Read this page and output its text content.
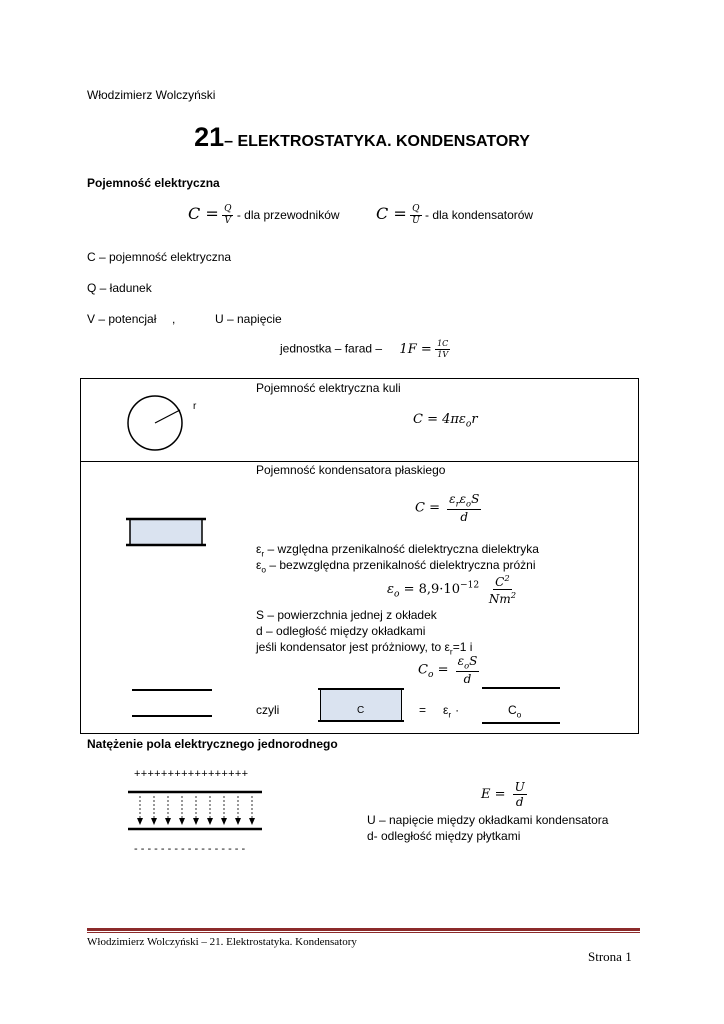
Włodzimierz Wolczyński
21– ELEKTROSTATYKA. KONDENSATORY
Pojemność elektryczna
$C = \frac{Q}{V}$ - dla przewodników $C = \frac{Q}{U}$ - dla kondensatorów
C – pojemność elektryczna
Q – ładunek
V – potencjał ,	U – napięcie
jednostka – farad – $1F = \frac{1C}{1V}$
r
Pojemność elektryczna kuli
$C = 4\pi\varepsilon_or$
Pojemność kondensatora płaskiego
$C = \frac{\varepsilon_r\varepsilon_oS}{d}$
$\varepsilon_r$ – względna przenikalność dielektryczna dielektryka
$\varepsilon_o$ – bezwzględna przenikalność dielektryczna próżni
$\varepsilon_o = 8,9\cdot 10^{-12} \frac{C^2}{Nm^2}$
S – powierzchnia jednej z okładek
d – odległość między okładkami
jeśli kondensator jest próżniowy, to $\varepsilon_r=1$ i
$C_o = \frac{\varepsilon_oS}{d}$
czyli	C	= $\varepsilon_r$ ·	$C_o$
Natężenie pola elektrycznego jednorodnego
+++++++++++++++++
- - - - - - - - - - - - - - - - -
$E = \frac{U}{d}$
U – napięcie między okładkami kondensatora
d- odległość między płytkami
Włodzimierz Wolczyński – 21. Elektrostatyka. Kondensatory
Strona 1
